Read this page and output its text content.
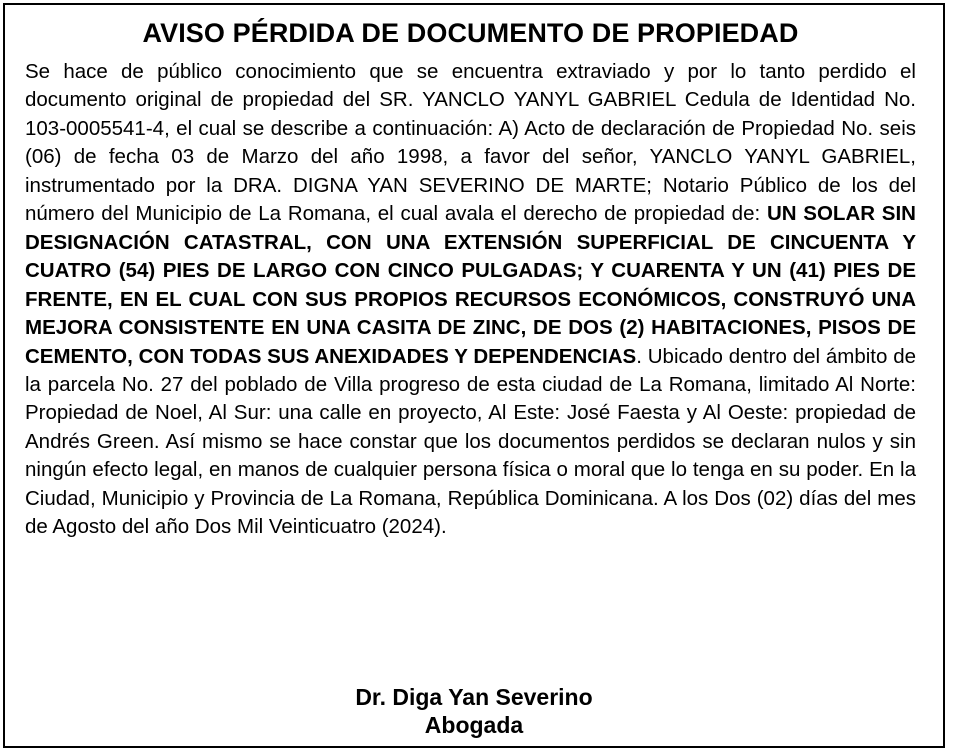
AVISO PÉRDIDA DE DOCUMENTO DE PROPIEDAD

Se hace de público conocimiento que se encuentra extraviado y por lo tanto perdido el documento original de propiedad del SR. YANCLO YANYL GABRIEL Cedula de Identidad No. 103-0005541-4, el cual se describe a continuación: A) Acto de declaración de Propiedad No. seis (06) de fecha 03 de Marzo del año 1998, a favor del señor, YANCLO YANYL GABRIEL, instrumentado por la DRA. DIGNA YAN SEVERINO DE MARTE; Notario Público de los del número del Municipio de La Romana, el cual avala el derecho de propiedad de: UN SOLAR SIN DESIGNACIÓN CATASTRAL, CON UNA EXTENSIÓN SUPERFICIAL DE CINCUENTA Y CUATRO (54) PIES DE LARGO CON CINCO PULGADAS; Y CUARENTA Y UN (41) PIES DE FRENTE, EN EL CUAL CON SUS PROPIOS RECURSOS ECONÓMICOS, CONSTRUYÓ UNA MEJORA CONSISTENTE EN UNA CASITA DE ZINC, DE DOS (2) HABITACIONES, PISOS DE CEMENTO, CON TODAS SUS ANEXIDADES Y DEPENDENCIAS. Ubicado dentro del ámbito de la parcela No. 27 del poblado de Villa progreso de esta ciudad de La Romana, limitado Al Norte: Propiedad de Noel, Al Sur: una calle en proyecto, Al Este: José Faesta y Al Oeste: propiedad de Andrés Green. Así mismo se hace constar que los documentos perdidos se declaran nulos y sin ningún efecto legal, en manos de cualquier persona física o moral que lo tenga en su poder. En la Ciudad, Municipio y Provincia de La Romana, República Dominicana. A los Dos (02) días del mes de Agosto del año Dos Mil Veinticuatro (2024).

Dr. Diga Yan Severino
Abogada
